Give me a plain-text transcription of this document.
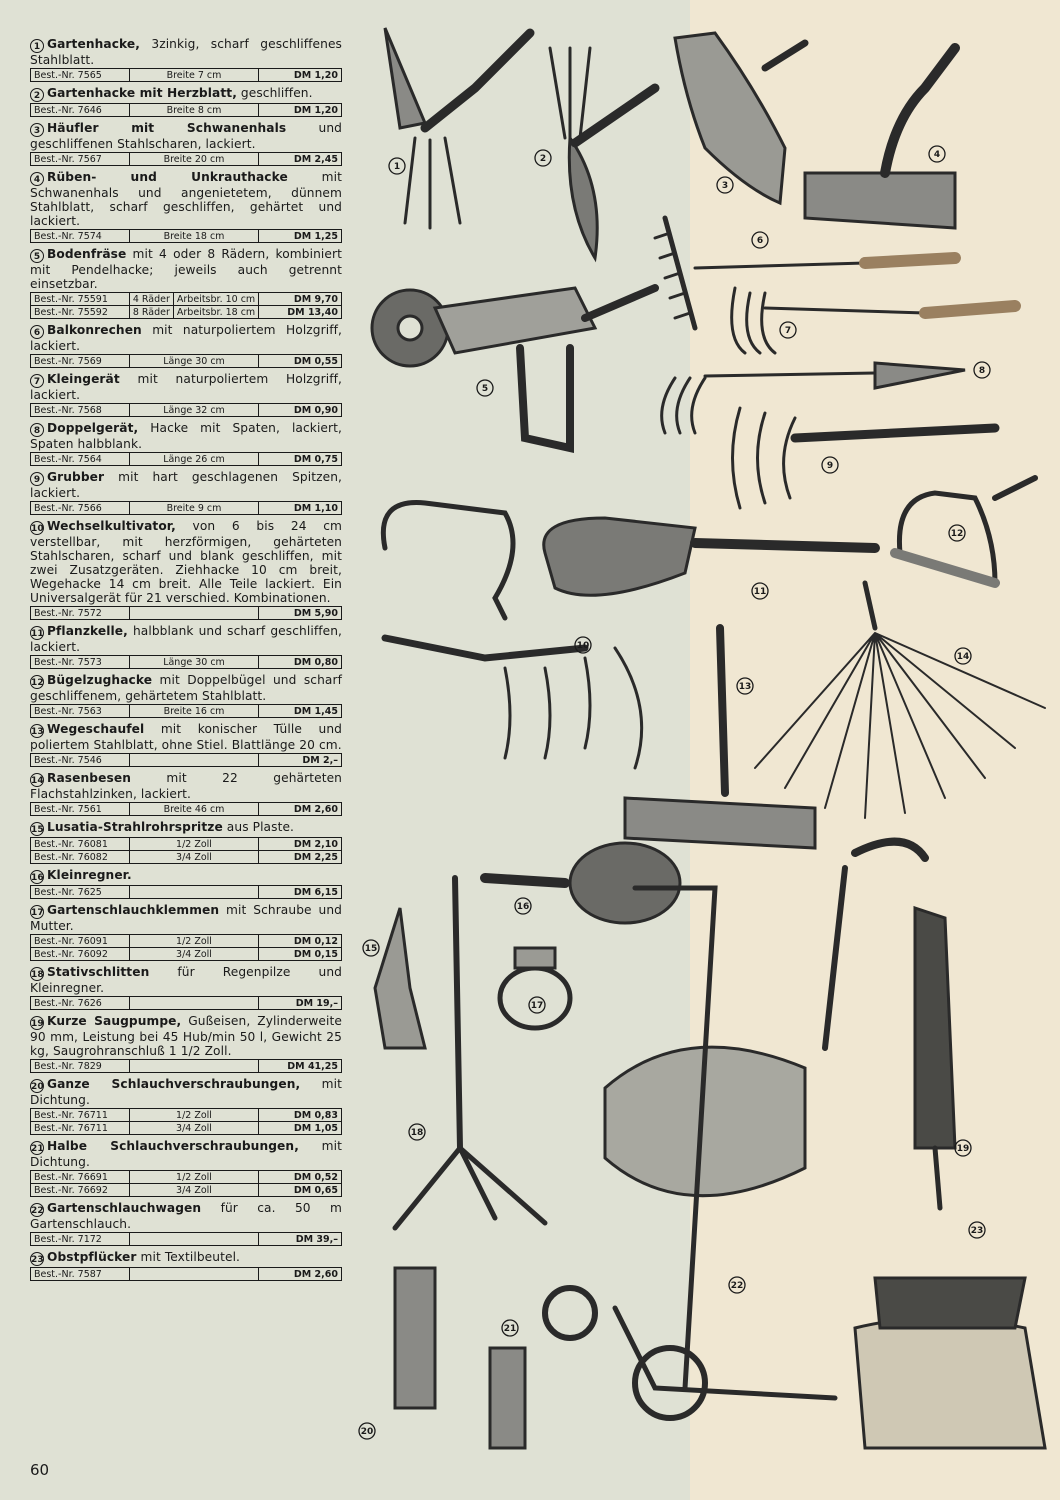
1 Gartenhacke, 3zinkig, scharf geschliffenes Stahlblatt.
Best.-Nr. 7565	Breite 7 cm	DM 1,20
2 Gartenhacke mit Herzblatt, geschliffen.
Best.-Nr. 7646	Breite 8 cm	DM 1,20
3 Häufler mit Schwanenhals und geschliffenen Stahlscharen, lackiert.
Best.-Nr. 7567	Breite 20 cm	DM 2,45
4 Rüben- und Unkrauthacke mit Schwanenhals und angenietetem, dünnem Stahlblatt, scharf geschliffen, gehärtet und lackiert.
Best.-Nr. 7574	Breite 18 cm	DM 1,25
5 Bodenfräse mit 4 oder 8 Rädern, kombiniert mit Pendelhacke; jeweils auch getrennt einsetzbar.
Best.-Nr. 75591	4 Räder	Arbeitsbr. 10 cm	DM 9,70
Best.-Nr. 75592	8 Räder	Arbeitsbr. 18 cm	DM 13,40
6 Balkonrechen mit naturpoliertem Holzgriff, lackiert.
Best.-Nr. 7569	Länge 30 cm	DM 0,55
7 Kleingerät mit naturpoliertem Holzgriff, lackiert.
Best.-Nr. 7568	Länge 32 cm	DM 0,90
8 Doppelgerät, Hacke mit Spaten, lackiert, Spaten halbblank.
Best.-Nr. 7564	Länge 26 cm	DM 0,75
9 Grubber mit hart geschlagenen Spitzen, lackiert.
Best.-Nr. 7566	Breite 9 cm	DM 1,10
10 Wechselkultivator, von 6 bis 24 cm verstellbar, mit herzförmigen, gehärteten Stahlscharen, scharf und blank geschliffen, mit zwei Zusatzgeräten. Ziehhacke 10 cm breit, Wegehacke 14 cm breit. Alle Teile lackiert. Ein Universalgerät für 21 verschied. Kombinationen.
Best.-Nr. 7572		DM 5,90
11 Pflanzkelle, halbblank und scharf geschliffen, lackiert.
Best.-Nr. 7573	Länge 30 cm	DM 0,80
12 Bügelzughacke mit Doppelbügel und scharf geschliffenem, gehärtetem Stahlblatt.
Best.-Nr. 7563	Breite 16 cm	DM 1,45
13 Wegeschaufel mit konischer Tülle und poliertem Stahlblatt, ohne Stiel. Blattlänge 20 cm.
Best.-Nr. 7546		DM 2,–
14 Rasenbesen mit 22 gehärteten Flachstahlzinken, lackiert.
Best.-Nr. 7561	Breite 46 cm	DM 2,60
15 Lusatia-Strahlrohrspritze aus Plaste.
Best.-Nr. 76081	1/2 Zoll	DM 2,10
Best.-Nr. 76082	3/4 Zoll	DM 2,25
16 Kleinregner.
Best.-Nr. 7625		DM 6,15
17 Gartenschlauchklemmen mit Schraube und Mutter.
Best.-Nr. 76091	1/2 Zoll	DM 0,12
Best.-Nr. 76092	3/4 Zoll	DM 0,15
18 Stativschlitten für Regenpilze und Kleinregner.
Best.-Nr. 7626		DM 19,–
19 Kurze Saugpumpe, Gußeisen, Zylinderweite 90 mm, Leistung bei 45 Hub/min 50 l, Gewicht 25 kg, Saugrohranschluß 1 1/2 Zoll.
Best.-Nr. 7829		DM 41,25
20 Ganze Schlauchverschraubungen, mit Dichtung.
Best.-Nr. 76711	1/2 Zoll	DM 0,83
Best.-Nr. 76711	3/4 Zoll	DM 1,05
21 Halbe Schlauchverschraubungen, mit Dichtung.
Best.-Nr. 76691	1/2 Zoll	DM 0,52
Best.-Nr. 76692	3/4 Zoll	DM 0,65
22 Gartenschlauchwagen für ca. 50 m Gartenschlauch.
Best.-Nr. 7172		DM 39,–
23 Obstpflücker mit Textilbeutel.
Best.-Nr. 7587		DM 2,60
60
1
2
3
4
5
6
7
8
9
10
11
12
13
14
15
16
17
18
19
20
21
22
23
